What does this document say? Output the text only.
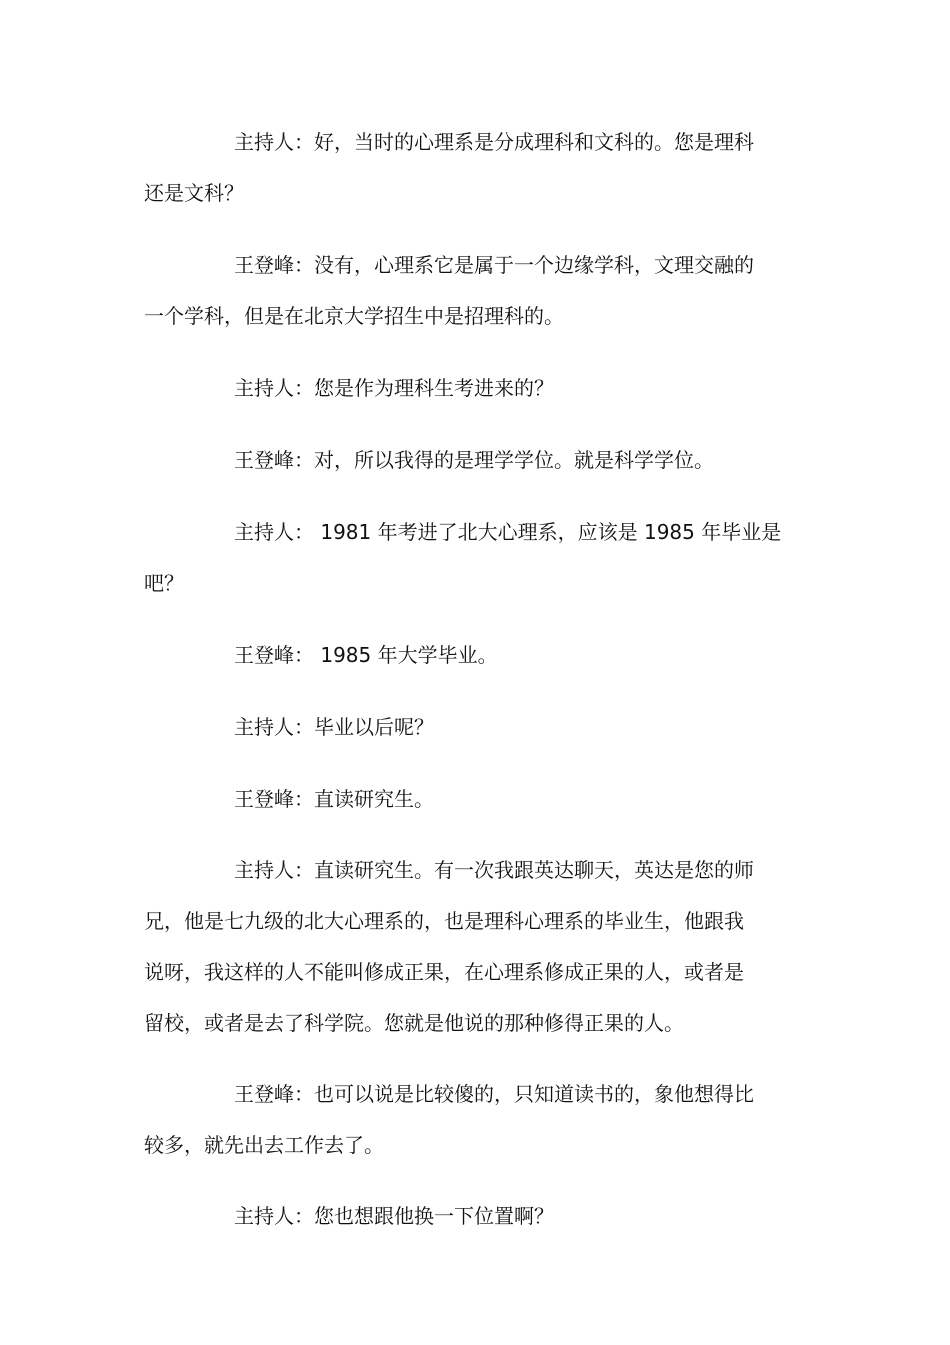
主持人：好，当时的心理系是分成理科和文科的。您是理科
还是文科？
王登峰：没有，心理系它是属于一个边缘学科，文理交融的
一个学科，但是在北京大学招生中是招理科的。
主持人：您是作为理科生考进来的？
王登峰：对，所以我得的是理学学位。就是科学学位。
主持人： 1981 年考进了北大心理系，应该是 1985 年毕业是
吧？
王登峰： 1985 年大学毕业。
主持人：毕业以后呢？
王登峰：直读研究生。
主持人：直读研究生。有一次我跟英达聊天，英达是您的师
兄，他是七九级的北大心理系的，也是理科心理系的毕业生，他跟我
说呀，我这样的人不能叫修成正果，在心理系修成正果的人，或者是
留校，或者是去了科学院。您就是他说的那种修得正果的人。
王登峰：也可以说是比较傻的，只知道读书的，象他想得比
较多，就先出去工作去了。
主持人：您也想跟他换一下位置啊？
